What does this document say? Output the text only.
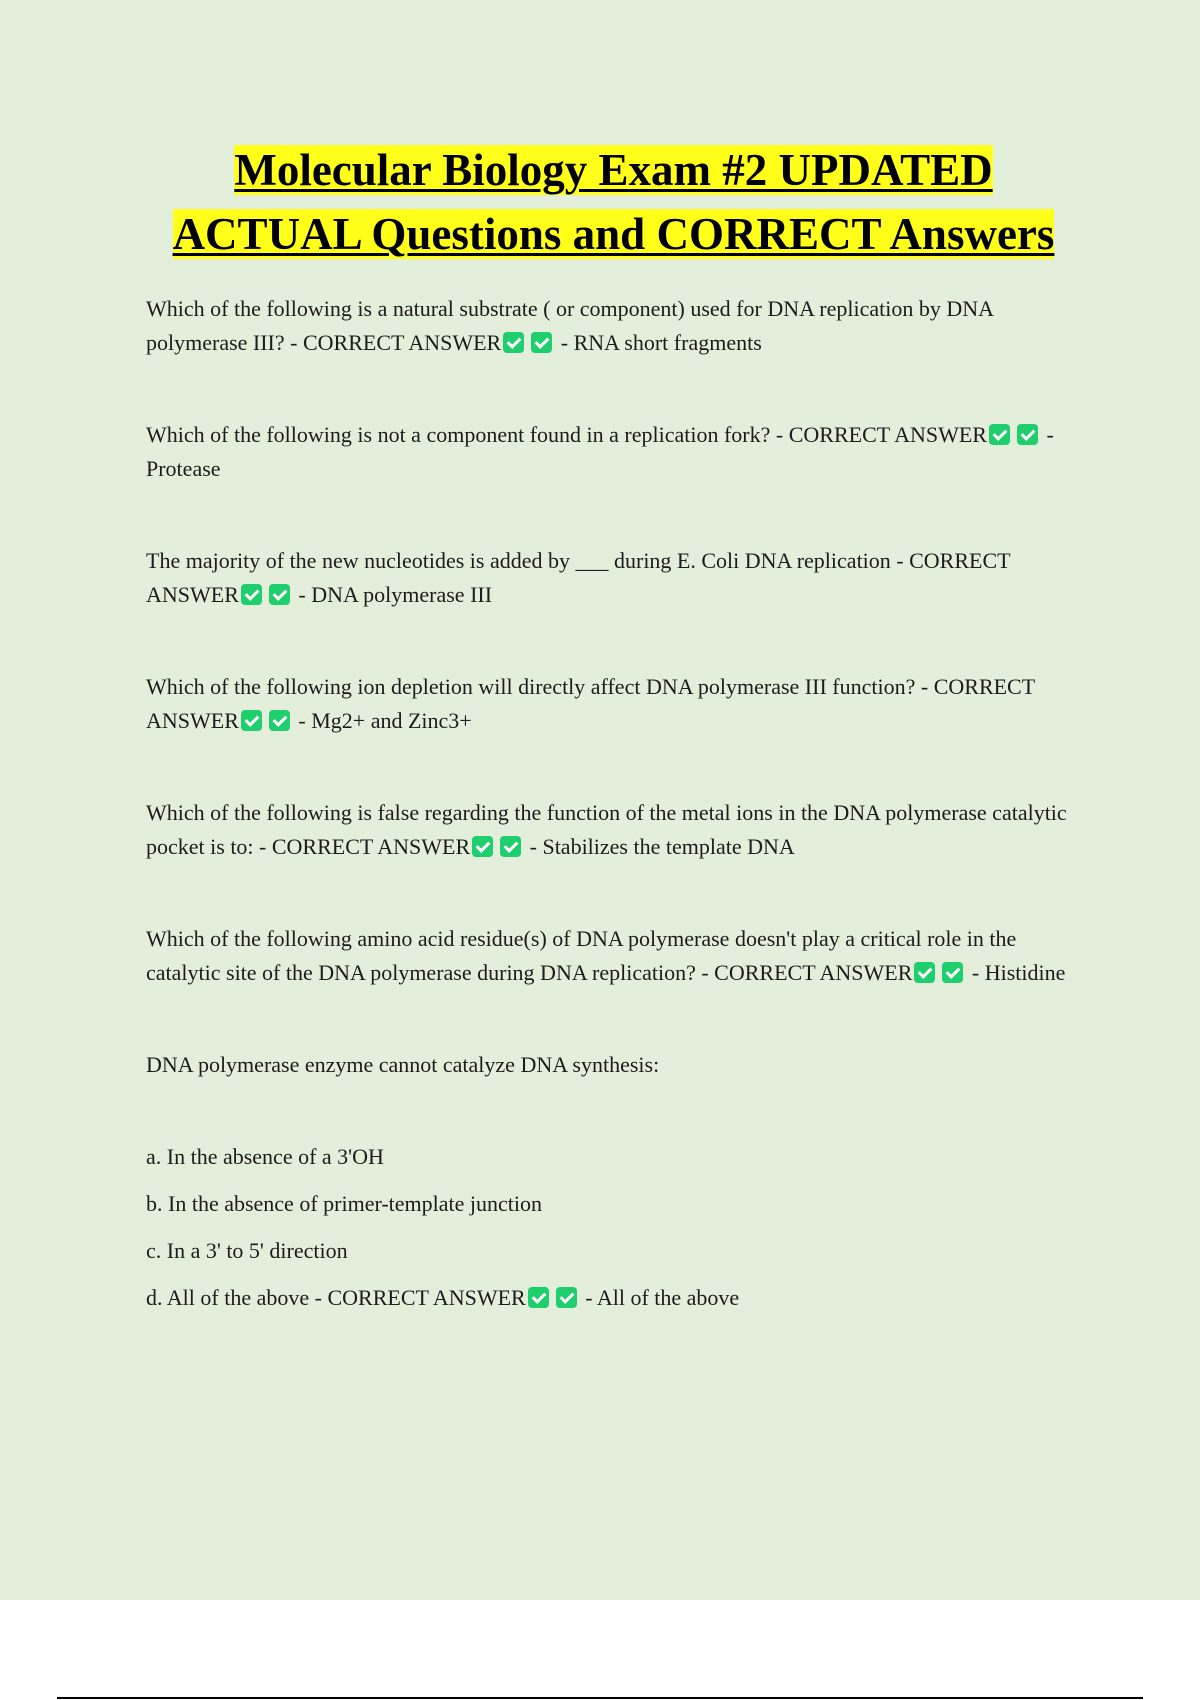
Molecular Biology Exam #2 UPDATED ACTUAL Questions and CORRECT Answers
Which of the following is a natural substrate ( or component) used for DNA replication by DNA polymerase III? - CORRECT ANSWER - RNA short fragments
Which of the following is not a component found in a replication fork? - CORRECT ANSWER - Protease
The majority of the new nucleotides is added by ___ during E. Coli DNA replication - CORRECT ANSWER - DNA polymerase III
Which of the following ion depletion will directly affect DNA polymerase III function? - CORRECT ANSWER - Mg2+ and Zinc3+
Which of the following is false regarding the function of the metal ions in the DNA polymerase catalytic pocket is to: - CORRECT ANSWER - Stabilizes the template DNA
Which of the following amino acid residue(s) of DNA polymerase doesn't play a critical role in the catalytic site of the DNA polymerase during DNA replication? - CORRECT ANSWER - Histidine
DNA polymerase enzyme cannot catalyze DNA synthesis:
a. In the absence of a 3'OH
b. In the absence of primer-template junction
c. In a 3' to 5' direction
d. All of the above - CORRECT ANSWER - All of the above
